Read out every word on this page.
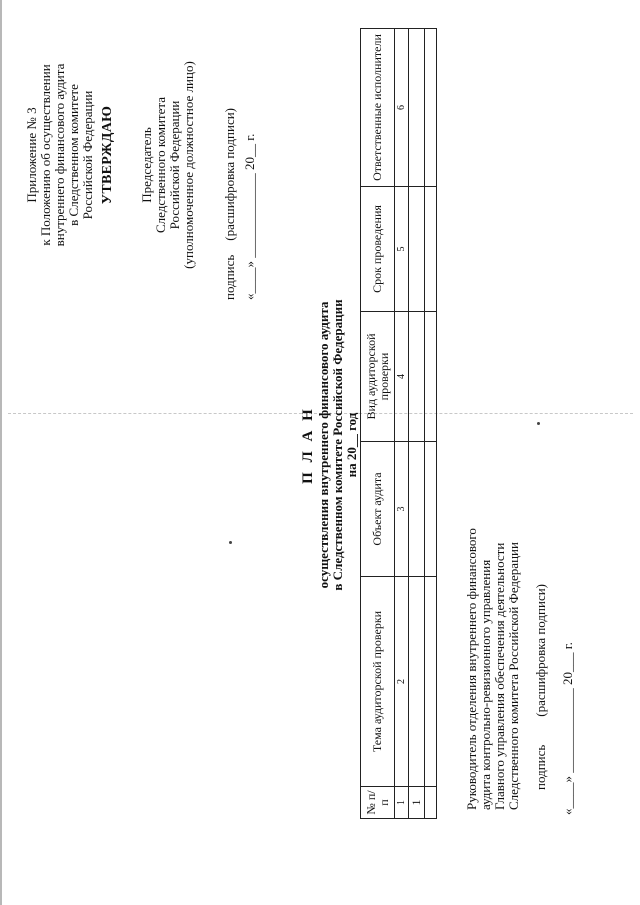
Приложение № 3 к Положению об осуществлении внутреннего финансового аудита в Следственном комитете Российской Федерации УТВЕРЖДАЮ Председатель Следственного комитета Российской Федерации (уполномоченное должностное лицо)
подпись(расшифровка подписи) «____» _____________ 20__ г.
П Л А Н осуществления внутреннего финансового аудита в Следственном комитете Российской Федерации на 20__ год
№ п/п	Тема аудиторской проверки	Объект аудита	Вид аудиторской проверки	Срок проведения	Ответственные исполнители
1	2	3	4	5	6
1					
						Руководитель отделения внутреннего финансового аудита контрольно-ревизионного управления Главного управления обеспечения деятельности Следственного комитета Российской Федерации подпись(расшифровка подписи) «____» _____________ 20___ г.
